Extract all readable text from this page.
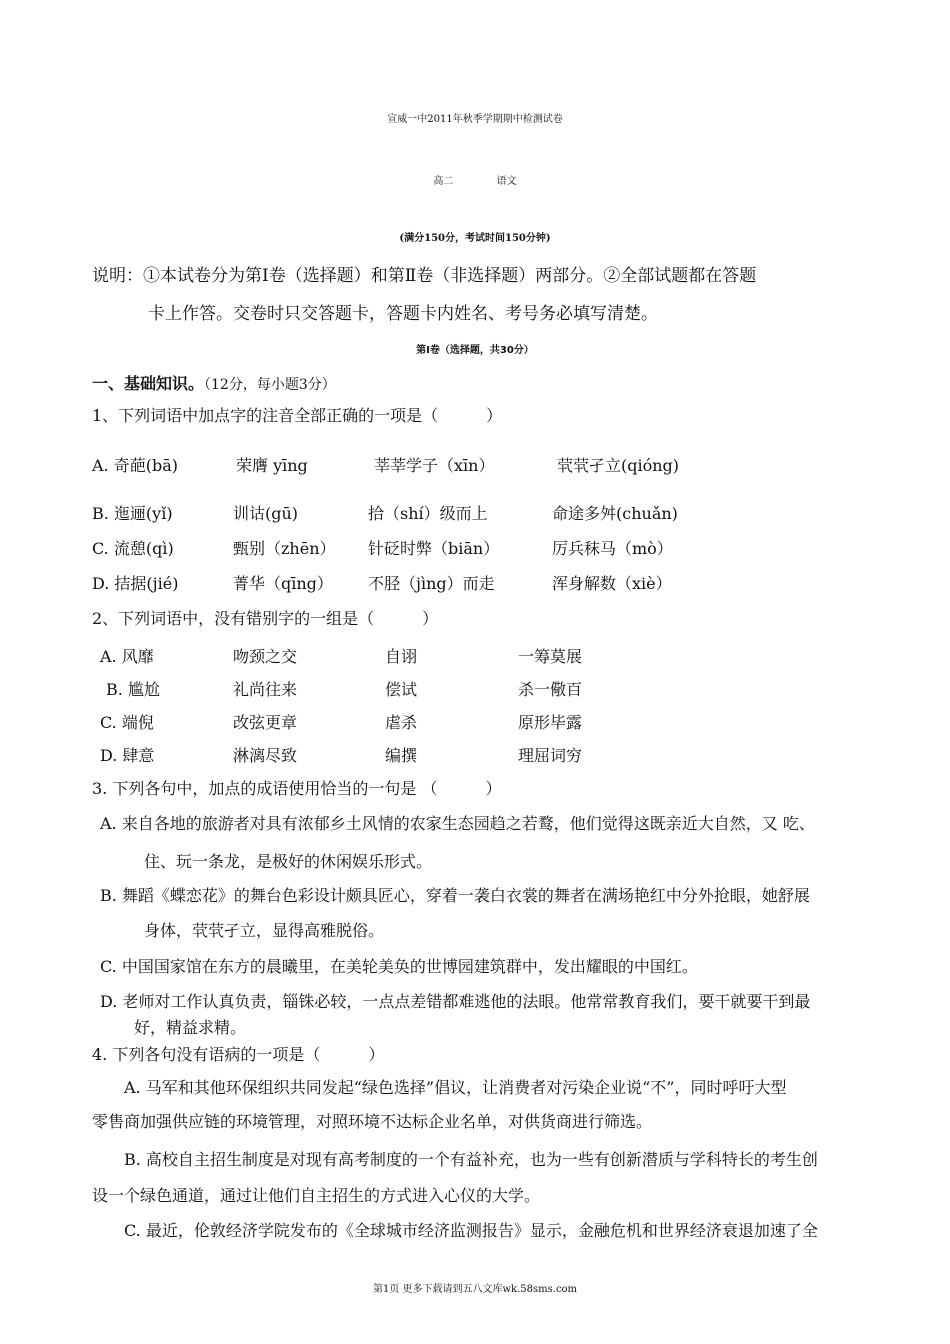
宣威一中2011年秋季学期期中检测试卷
高二	语文
(满分150分，考试时间150分钟)
说明：①本试卷分为第Ⅰ卷（选择题）和第Ⅱ卷（非选择题）两部分。②全部试题都在答题
卡上作答。交卷时只交答题卡，答题卡内姓名、考号务必填写清楚。
第Ⅰ卷（选择题，共30分）
一、基础知识。（12分，每小题3分）
1、下列词语中加点字的注音全部正确的一项是（　　　）
A. 奇葩(bā)	荣膺 yīng	莘莘学子（xīn）	茕茕孑立(qióng)
B. 迤逦(yǐ)	训诂(gū)	拾（shí）级而上	命途多舛(chuǎn)
C. 流憩(qì)	甄别（zhēn） 针砭时弊（biān）	厉兵秣马（mò）
D. 拮据(jié)	菁华（qīng） 不胫（jìng）而走	浑身解数（xiè）
2、下列词语中，没有错别字的一组是（　　　）
A. 风靡	吻颈之交	自诩	一筹莫展
B. 尴尬	礼尚往来	偿试	杀一儆百
C. 端倪	改弦更章	虐杀	原形毕露
D. 肆意	淋漓尽致	编撰	理屈词穷
3. 下列各句中，加点的成语使用恰当的一句是 （　　　）
A. 来自各地的旅游者对具有浓郁乡土风情的农家生态园趋之若鹜，他们觉得这既亲近大自然，又 吃、
住、玩一条龙，是极好的休闲娱乐形式。
B. 舞蹈《蝶恋花》的舞台色彩设计颇具匠心，穿着一袭白衣裳的舞者在满场艳红中分外抢眼，她舒展
身体，茕茕孑立，显得高雅脱俗。
C. 中国国家馆在东方的晨曦里，在美轮美奂的世博园建筑群中，发出耀眼的中国红。
D. 老师对工作认真负责，锱铢必较，一点点差错都难逃他的法眼。他常常教育我们，要干就要干到最
好，精益求精。
4. 下列各句没有语病的一项是（　　　）
A. 马军和其他环保组织共同发起“绿色选择”倡议，让消费者对污染企业说“不”，同时呼吁大型
零售商加强供应链的环境管理，对照环境不达标企业名单，对供货商进行筛选。
B. 高校自主招生制度是对现有高考制度的一个有益补充，也为一些有创新潜质与学科特长的考生创
设一个绿色通道，通过让他们自主招生的方式进入心仪的大学。
C. 最近，伦敦经济学院发布的《全球城市经济监测报告》显示，金融危机和世界经济衰退加速了全
第1页 更多下载请到五八文库wk.58sms.com
